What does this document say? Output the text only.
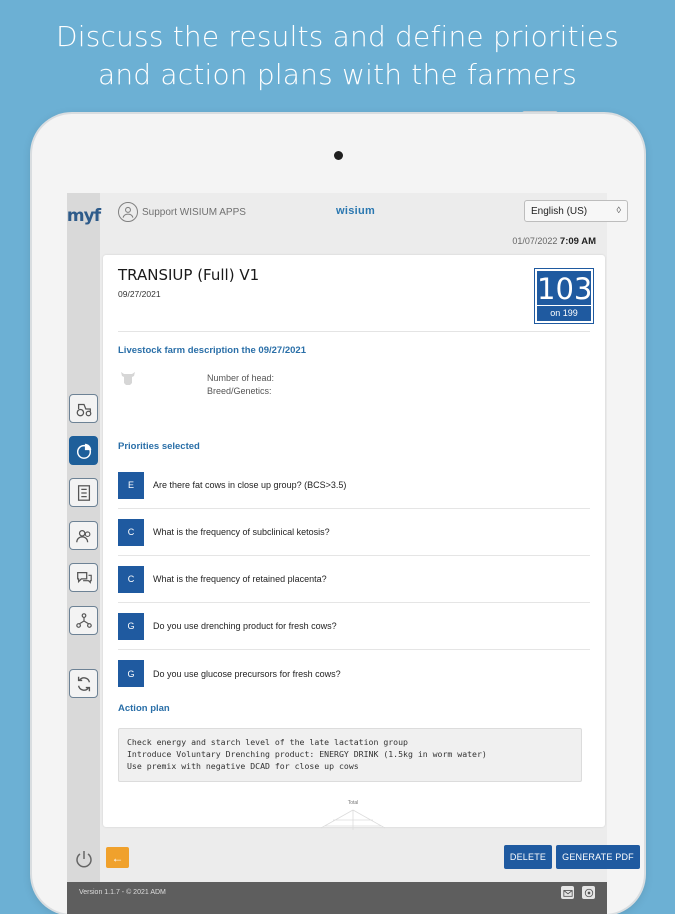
Discuss the results and define priorities
and action plans with the farmers
myf	Support WISIUM APPS	wisium	English (US)	◊
01/07/2022 7:09 AM
TRANSIUP (Full) V1
09/27/2021	103
on 199
Livestock farm description the 09/27/2021
Number of head:
Breed/Genetics:
Priorities selected
E	Are there fat cows in close up group? (BCS>3.5)
C	What is the frequency of subclinical ketosis?
C	What is the frequency of retained placenta?
G	Do you use drenching product for fresh cows?
G	Do you use glucose precursors for fresh cows?
Action plan
Check energy and starch level of the late lactation group
Introduce Voluntary Drenching product: ENERGY DRINK (1.5kg in worm water)
Use premix with negative DCAD for close up cows
Total
←	DELETE	GENERATE PDF
Version 1.1.7 - © 2021 ADM
